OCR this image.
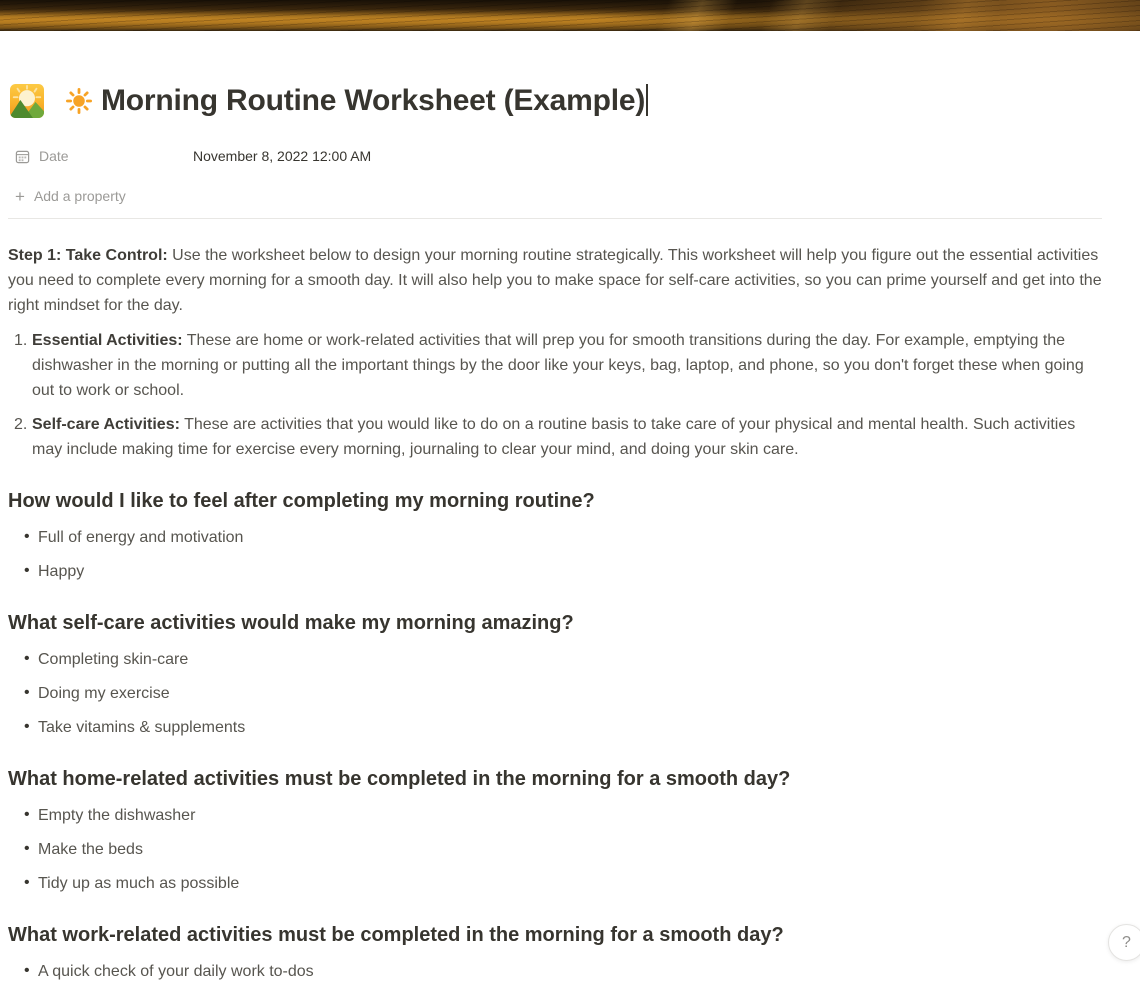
Morning Routine Worksheet (Example)
Date	November 8, 2022 12:00 AM
+ Add a property

Step 1: Take Control: Use the worksheet below to design your morning routine strategically. This worksheet will help you figure out the essential activities you need to complete every morning for a smooth day. It will also help you to make space for self-care activities, so you can prime yourself and get into the right mindset for the day.

1. Essential Activities: These are home or work-related activities that will prep you for smooth transitions during the day. For example, emptying the dishwasher in the morning or putting all the important things by the door like your keys, bag, laptop, and phone, so you don't forget these when going out to work or school.
2. Self-care Activities: These are activities that you would like to do on a routine basis to take care of your physical and mental health. Such activities may include making time for exercise every morning, journaling to clear your mind, and doing your skin care.
How would I like to feel after completing my morning routine?
• Full of energy and motivation
• Happy
What self-care activities would make my morning amazing?
• Completing skin-care
• Doing my exercise
• Take vitamins & supplements
What home-related activities must be completed in the morning for a smooth day?
• Empty the dishwasher
• Make the beds
• Tidy up as much as possible
What work-related activities must be completed in the morning for a smooth day?
• A quick check of your daily work to-dos
?
